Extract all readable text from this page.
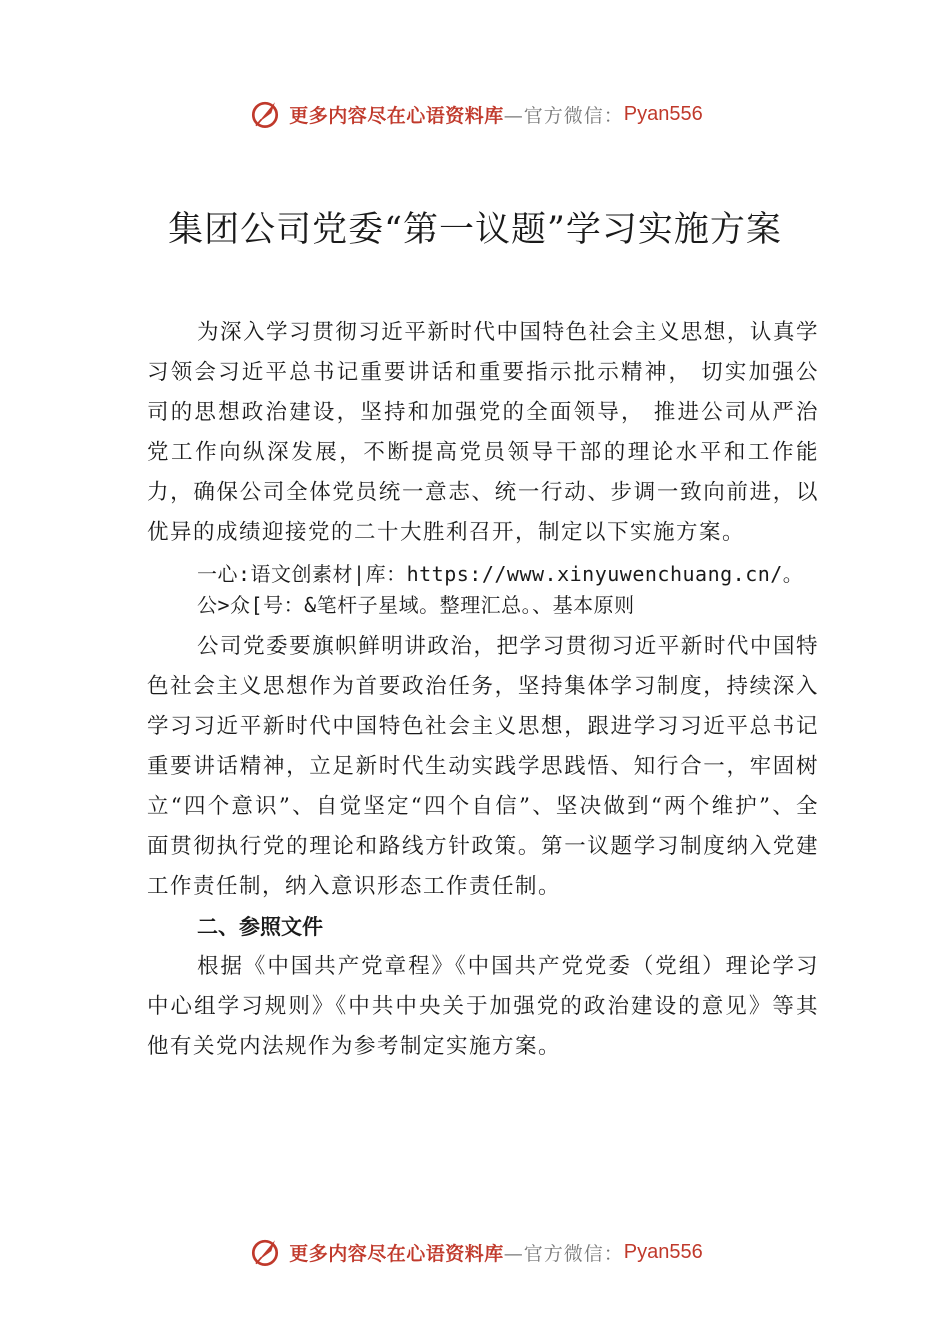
更多内容尽在心语资料库 —官方微信： Pyan556
集团公司党委“第一议题”学习实施方案

为深入学习贯彻习近平新时代中国特色社会主义思想，认真学习领会习近平总书记重要讲话和重要指示批示精神， 切实加强公司的思想政治建设，坚持和加强党的全面领导， 推进公司从严治党工作向纵深发展，不断提高党员领导干部的理论水平和工作能力，确保公司全体党员统一意志、统一行动、步调一致向前进，以优异的成绩迎接党的二十大胜利召开，制定以下实施方案。

一心:语文创素材|库：https://www.xinyuwenchuang.cn/。公>众[号：&笔杆子星域。整理汇总。、基本原则

公司党委要旗帜鲜明讲政治，把学习贯彻习近平新时代中国特色社会主义思想作为首要政治任务，坚持集体学习制度，持续深入学习习近平新时代中国特色社会主义思想，跟进学习习近平总书记重要讲话精神，立足新时代生动实践学思践悟、知行合一，牢固树立“四个意识”、自觉坚定“四个自信”、坚决做到“两个维护”、全面贯彻执行党的理论和路线方针政策。第一议题学习制度纳入党建工作责任制，纳入意识形态工作责任制。

二、参照文件

根据《中国共产党章程》《中国共产党党委（党组）理论学习中心组学习规则》《中共中央关于加强党的政治建设的意见》等其他有关党内法规作为参考制定实施方案。

更多内容尽在心语资料库 —官方微信： Pyan556
